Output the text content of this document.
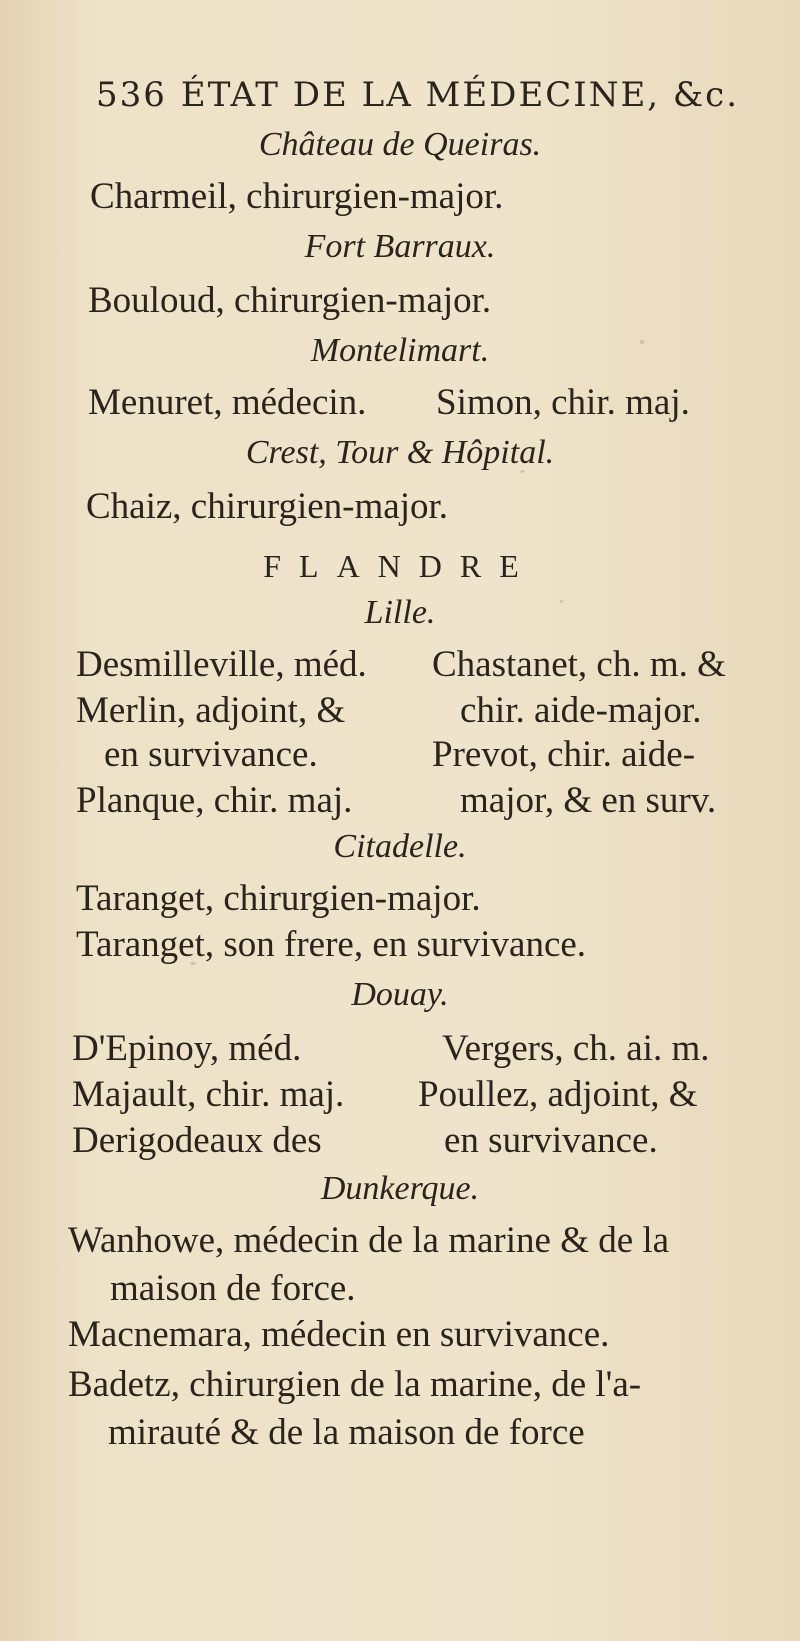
536 ÉTAT DE LA MÉDECINE, &c.
Château de Queiras.
Charmeil, chirurgien-major.
Fort Barraux.
Bouloud, chirurgien-major.
Montelimart.
Menuret, médecin. Simon, chir. maj.
Crest, Tour & Hôpital.
Chaiz, chirurgien-major.
FLANDRE
Lille.
Desmilleville, méd.
Merlin, adjoint, &
en survivance.
Planque, chir. maj.
Chastanet, ch. m. &
chir. aide-major.
Prevot, chir. aide-
major, & en surv.
Citadelle.
Taranget, chirurgien-major.
Taranget, son frere, en survivance.
Douay.
D'Epinoy, méd.
Majault, chir. maj.
Derigodeaux des
Vergers, ch. ai. m.
Poullez, adjoint, &
en survivance.
Dunkerque.
Wanhowe, médecin de la marine & de la
maison de force.
Macnemara, médecin en survivance.
Badetz, chirurgien de la marine, de l'a-
mirauté & de la maison de force
